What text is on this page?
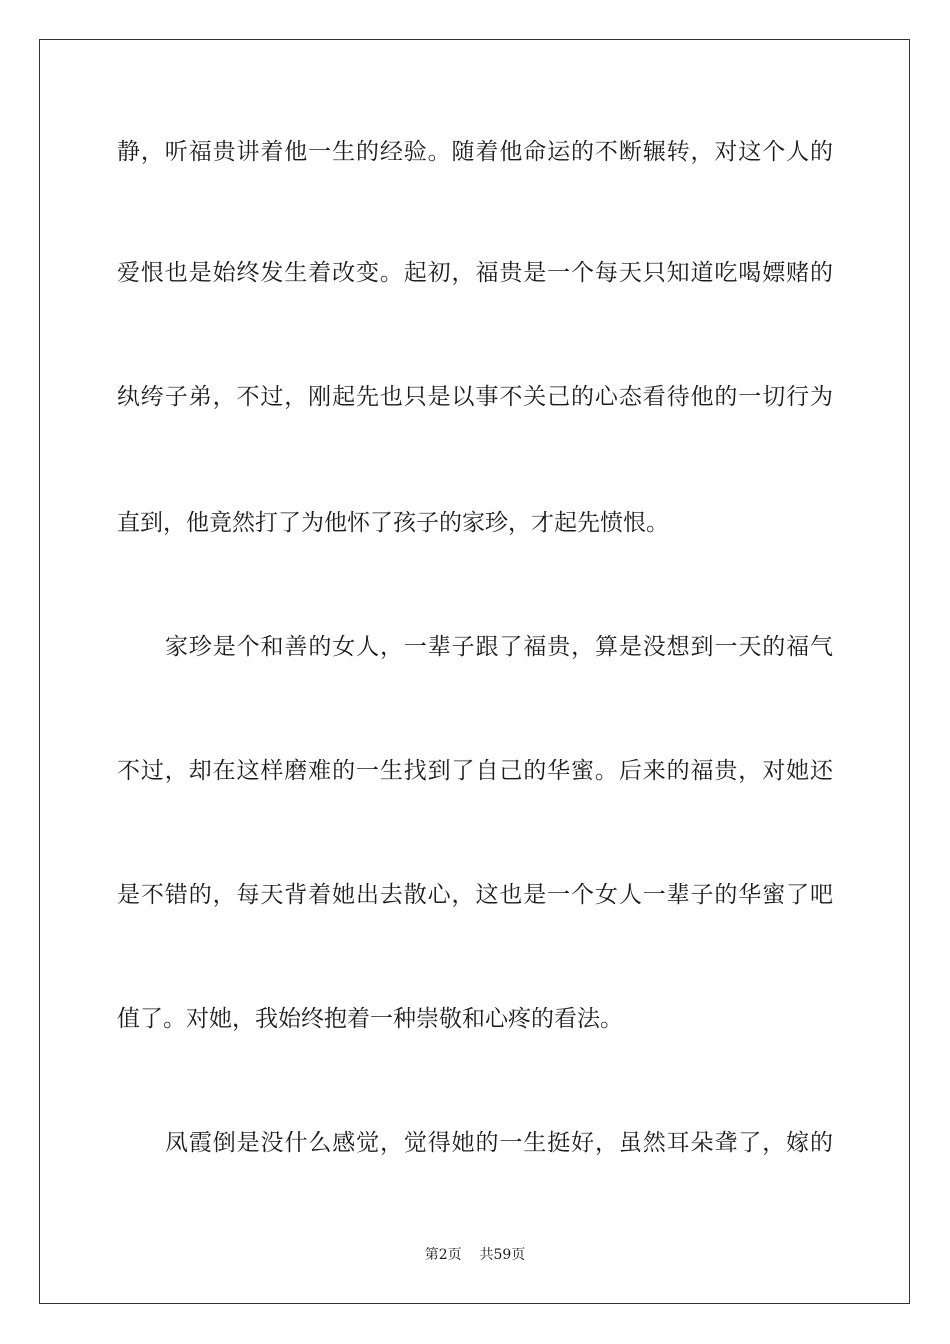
静，听福贵讲着他一生的经验。随着他命运的不断辗转，对这个人的
爱恨也是始终发生着改变。起初，福贵是一个每天只知道吃喝嫖赌的
纨绔子弟，不过，刚起先也只是以事不关己的心态看待他的一切行为
直到，他竟然打了为他怀了孩子的家珍，才起先愤恨。
家珍是个和善的女人，一辈子跟了福贵，算是没想到一天的福气
不过，却在这样磨难的一生找到了自己的华蜜。后来的福贵，对她还
是不错的，每天背着她出去散心，这也是一个女人一辈子的华蜜了吧
值了。对她，我始终抱着一种崇敬和心疼的看法。
凤霞倒是没什么感觉，觉得她的一生挺好，虽然耳朵聋了，嫁的
第2页 共59页
